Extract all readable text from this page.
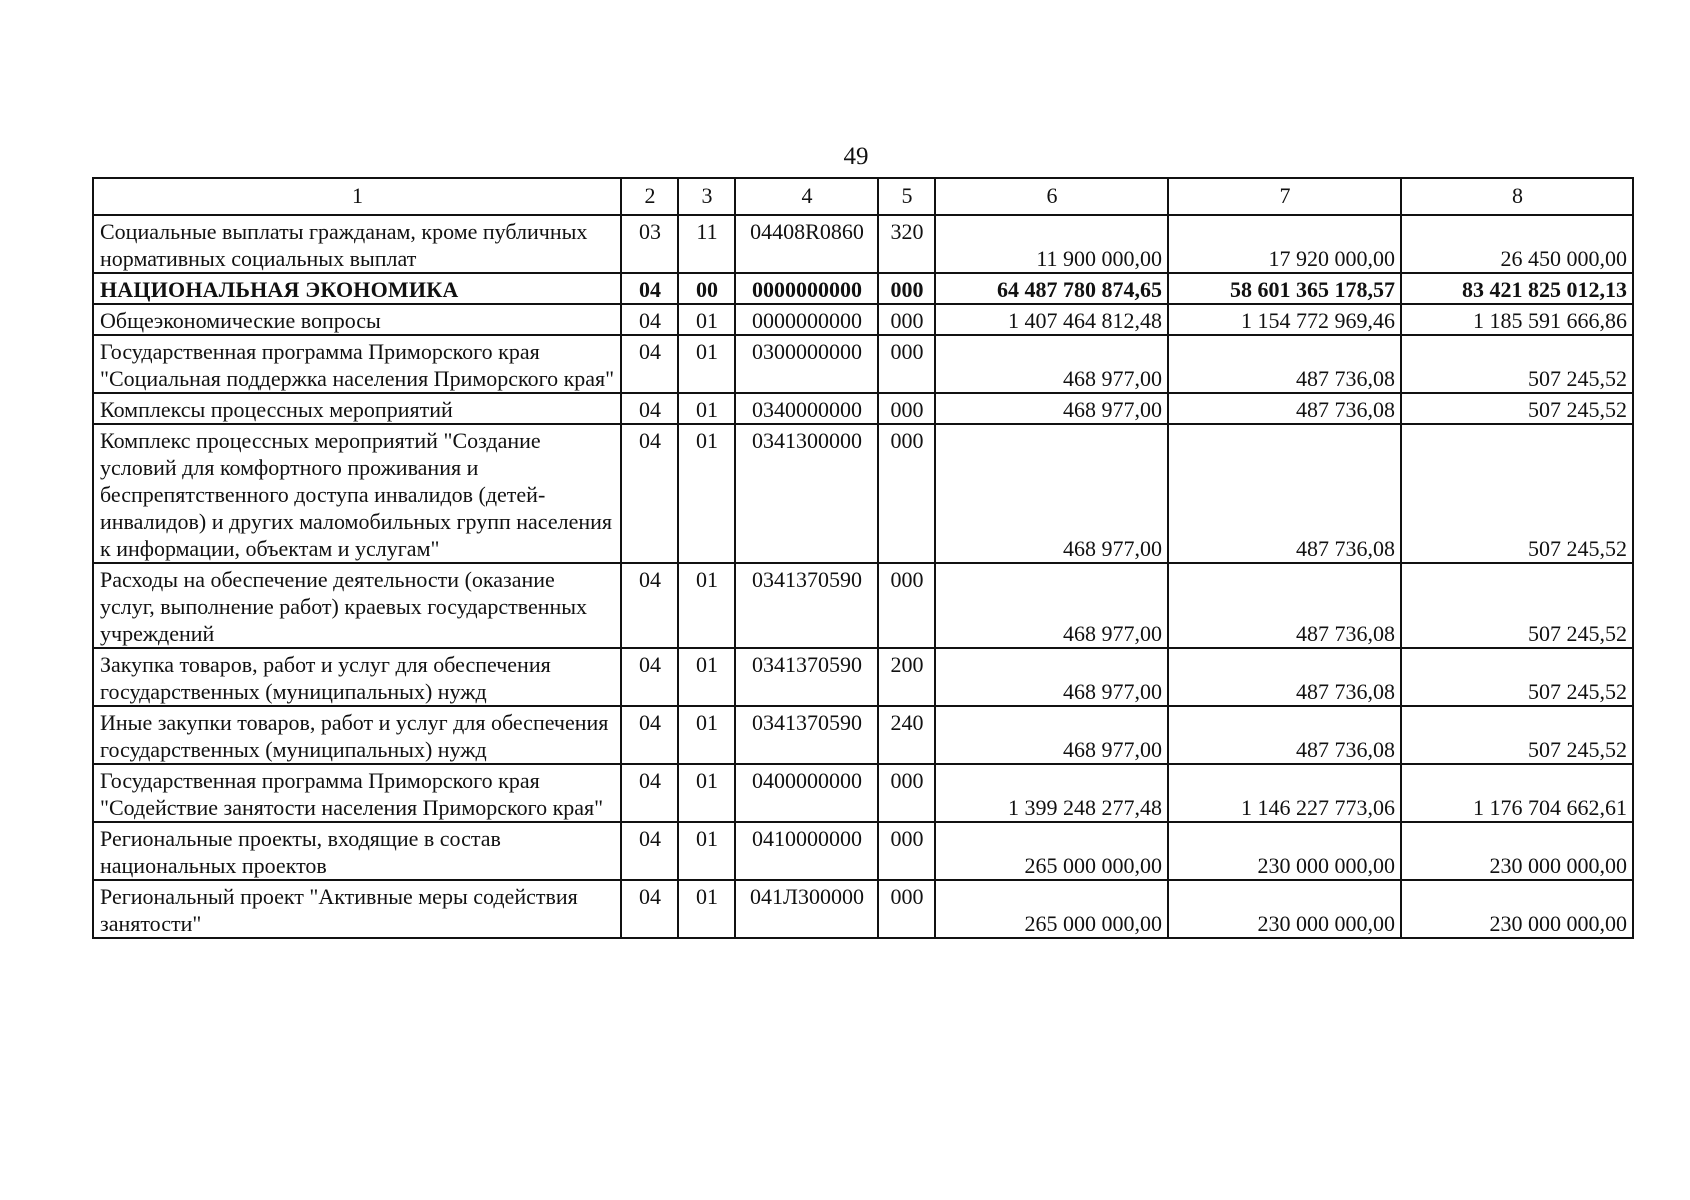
49
1	2	3	4	5	6	7	8
Социальные выплаты гражданам, кроме публичных нормативных социальных выплат	03	11	04408R0860	320	11 900 000,00	17 920 000,00	26 450 000,00
НАЦИОНАЛЬНАЯ ЭКОНОМИКА	04	00	0000000000	000	64 487 780 874,65	58 601 365 178,57	83 421 825 012,13
Общеэкономические вопросы	04	01	0000000000	000	1 407 464 812,48	1 154 772 969,46	1 185 591 666,86
Государственная программа Приморского края "Социальная поддержка населения Приморского края"	04	01	0300000000	000	468 977,00	487 736,08	507 245,52
Комплексы процессных мероприятий	04	01	0340000000	000	468 977,00	487 736,08	507 245,52
Комплекс процессных мероприятий "Создание условий для комфортного проживания и беспрепятственного доступа инвалидов (детей-инвалидов) и других маломобильных групп населения к информации, объектам и услугам"	04	01	0341300000	000	468 977,00	487 736,08	507 245,52
Расходы на обеспечение деятельности (оказание услуг, выполнение работ) краевых государственных учреждений	04	01	0341370590	000	468 977,00	487 736,08	507 245,52
Закупка товаров, работ и услуг для обеспечения государственных (муниципальных) нужд	04	01	0341370590	200	468 977,00	487 736,08	507 245,52
Иные закупки товаров, работ и услуг для обеспечения государственных (муниципальных) нужд	04	01	0341370590	240	468 977,00	487 736,08	507 245,52
Государственная программа Приморского края "Содействие занятости населения Приморского края"	04	01	0400000000	000	1 399 248 277,48	1 146 227 773,06	1 176 704 662,61
Региональные проекты, входящие в состав национальных проектов	04	01	0410000000	000	265 000 000,00	230 000 000,00	230 000 000,00
Региональный проект "Активные меры содействия занятости"	04	01	041Л300000	000	265 000 000,00	230 000 000,00	230 000 000,00
